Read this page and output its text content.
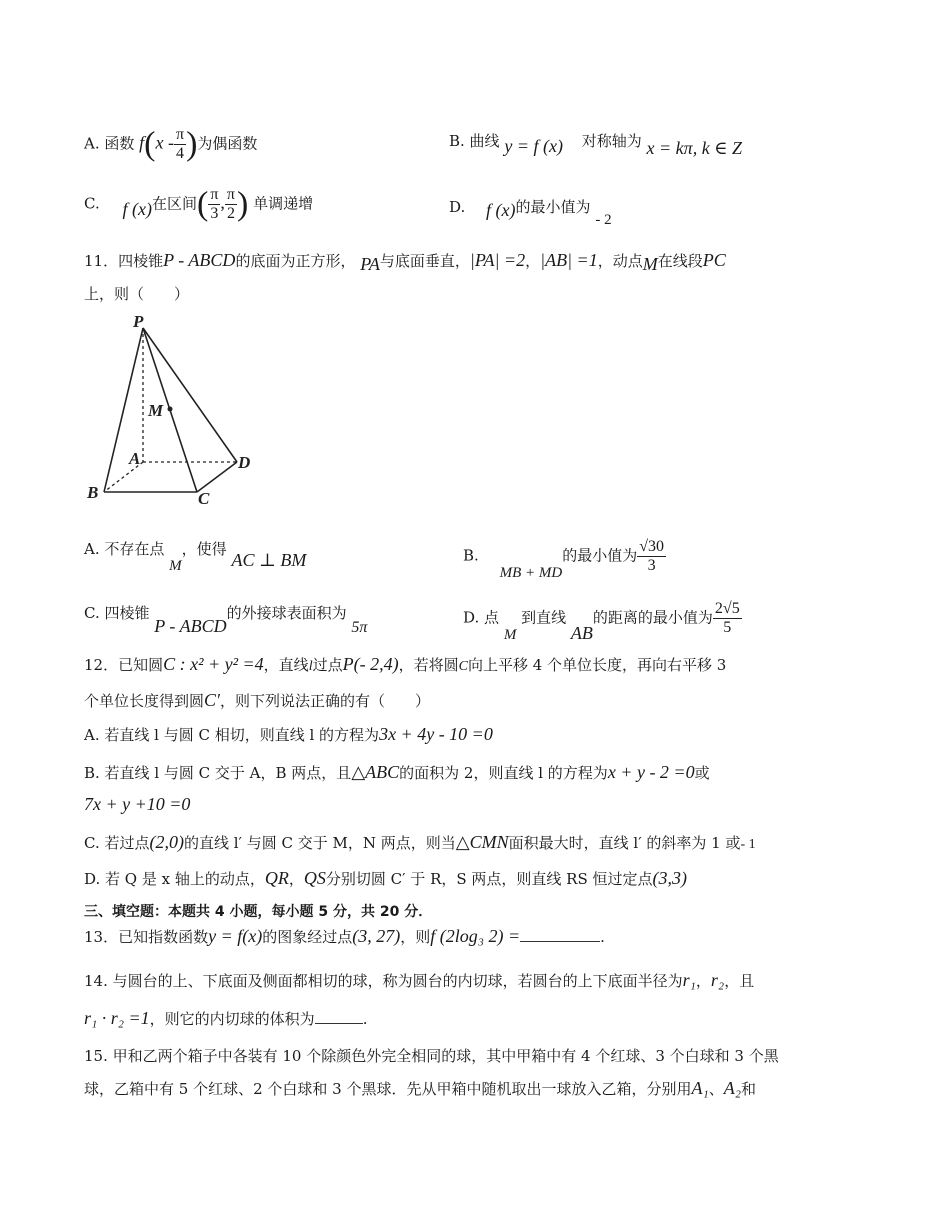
A. 函数 $f(x - \frac{\pi}{4}$ )为偶函数	B. 曲线 y = f (x) 对称轴为 x = kπ, k ∈ Z
C. f (x)在区间( $\frac{\pi}{3}$ , $\frac{\pi}{2}$ ) 单调递增	D. f (x)的最小值为 - 2
11．四棱锥P - ABCD的底面为正方形， PA与底面垂直，|PA| =2，|AB| =1，动点M在线段PC
上，则（　　）
P
M
A
B	C
D
A. 不存在点 M，使得 AC ⊥ BM	B. MB + MD的最小值为 $\frac{√30}{3}$
C. 四棱锥 P - ABCD的外接球表面积为 5π
D. 点 M 到直线 AB的距离的最小值为 $\frac{2√5}{5}$
12．已知圆C : x² + y² =4，直线l过点P(- 2,4)，若将圆C向上平移 4 个单位长度，再向右平移 3
个单位长度得到圆C′，则下列说法正确的有（　　）
A. 若直线 l 与圆 C 相切，则直线 l 的方程为3x + 4y - 10 =0
B. 若直线 l 与圆 C 交于 A，B 两点，且△ABC的面积为 2，则直线 l 的方程为x + y - 2 =0或
7x + y +10 =0
C. 若过点(2,0)的直线 l′ 与圆 C 交于 M，N 两点，则当△CMN面积最大时，直线 l′ 的斜率为 1 或- 1
D. 若 Q 是 x 轴上的动点，QR，QS分别切圆 C′ 于 R，S 两点，则直线 RS 恒过定点(3,3)
三、填空题：本题共 4 小题，每小题 5 分，共 20 分．
13．已知指数函数y = f(x)的图象经过点(3, 27)，则f (2log₃ 2) =	.
14. 与圆台的上、下底面及侧面都相切的球，称为圆台的内切球，若圆台的上下底面半径为r₁，r₂，且
r₁ · r₂ =1，则它的内切球的体积为	.
15. 甲和乙两个箱子中各装有 10 个除颜色外完全相同的球，其中甲箱中有 4 个红球、3 个白球和 3 个黑
球，乙箱中有 5 个红球、2 个白球和 3 个黑球．先从甲箱中随机取出一球放入乙箱，分别用A₁、A₂和
